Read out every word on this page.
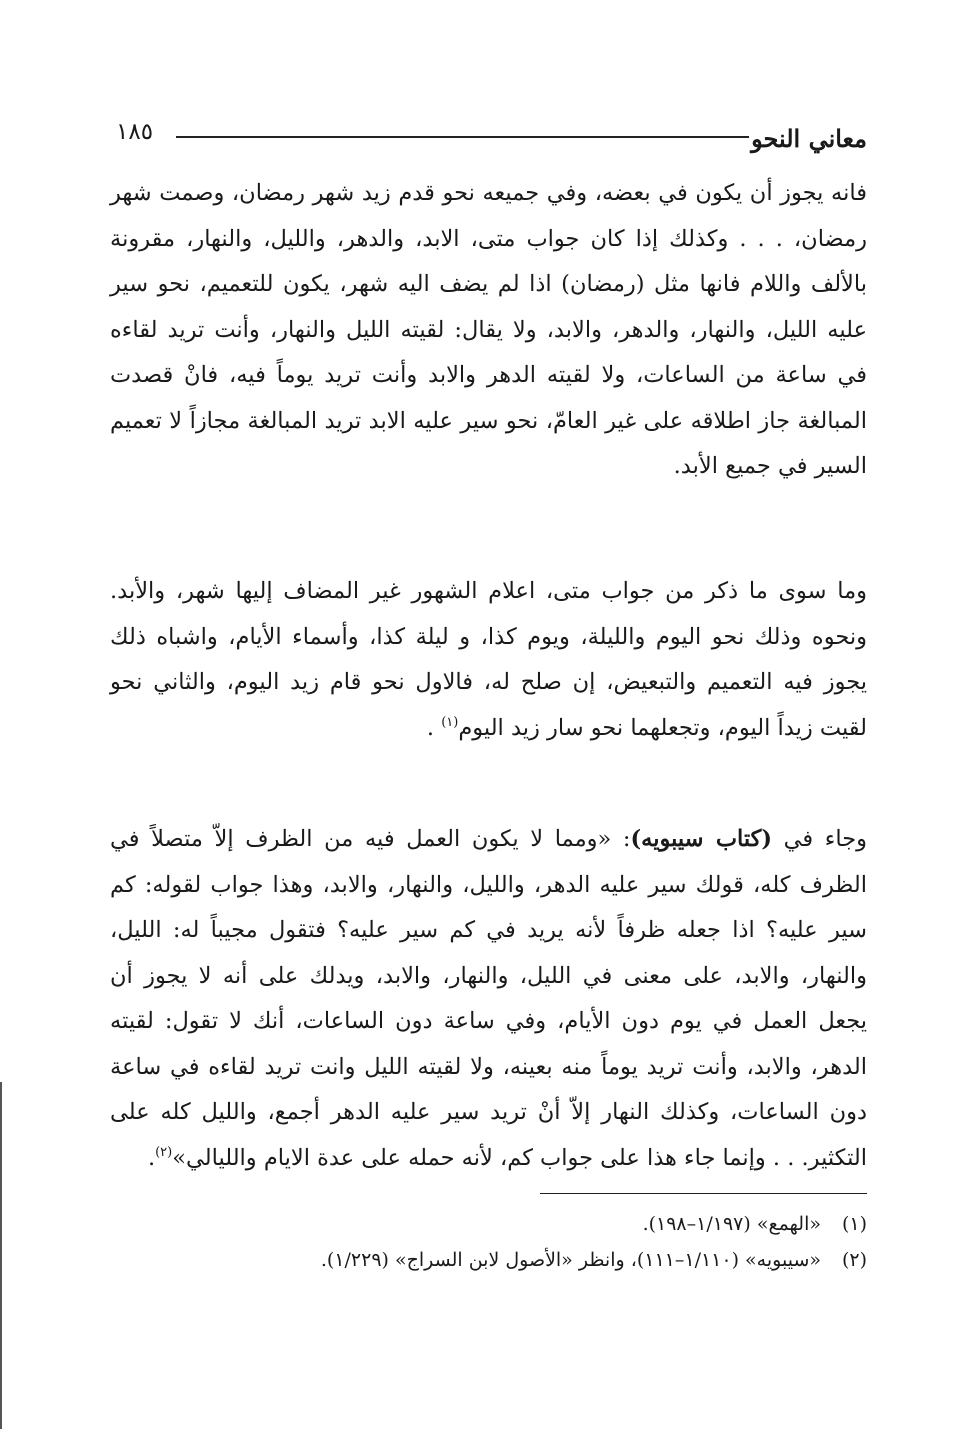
معاني النحو
١٨٥

فانه يجوز أن يكون في بعضه، وفي جميعه نحو قدم زيد شهر رمضان، وصمت شهر رمضان، . . . وكذلك إذا كان جواب متى، الابد، والدهر، والليل، والنهار، مقرونة بالألف واللام فانها مثل (رمضان) اذا لم يضف اليه شهر، يكون للتعميم، نحو سير عليه الليل، والنهار، والدهر، والابد، ولا يقال: لقيته الليل والنهار، وأنت تريد لقاءه في ساعة من الساعات، ولا لقيته الدهر والابد وأنت تريد يوماً فيه، فانْ قصدت المبالغة جاز اطلاقه على غير العامّ، نحو سير عليه الابد تريد المبالغة مجازاً لا تعميم السير في جميع الأبد.

وما سوى ما ذكر من جواب متى، اعلام الشهور غير المضاف إليها شهر، والأبد. ونحوه وذلك نحو اليوم والليلة، ويوم كذا، و ليلة كذا، وأسماء الأيام، واشباه ذلك يجوز فيه التعميم والتبعيض، إن صلح له، فالاول نحو قام زيد اليوم، والثاني نحو لقيت زيداً اليوم، وتجعلهما نحو سار زيد اليوم$^{(١)}$ .

وجاء في (كتاب سيبويه): «ومما لا يكون العمل فيه من الظرف إلاّ متصلاً في الظرف كله، قولك سير عليه الدهر، والليل، والنهار، والابد، وهذا جواب لقوله: كم سير عليه؟ اذا جعله ظرفاً لأنه يريد في كم سير عليه؟ فتقول مجيباً له: الليل، والنهار، والابد، على معنى في الليل، والنهار، والابد، ويدلك على أنه لا يجوز أن يجعل العمل في يوم دون الأيام، وفي ساعة دون الساعات، أنك لا تقول: لقيته الدهر، والابد، وأنت تريد يوماً منه بعينه، ولا لقيته الليل وانت تريد لقاءه في ساعة دون الساعات، وكذلك النهار إلاّ أنْ تريد سير عليه الدهر أجمع، والليل كله على التكثير. . . وإنما جاء هذا على جواب كم، لأنه حمله على عدة الايام والليالي»$^{(٢)}$.

(١)
«الهمع» (١/١٩٧–١٩٨).
(٢)
«سيبويه» (١/١١٠–١١١)، وانظر «الأصول لابن السراج» (١/٢٢٩).
